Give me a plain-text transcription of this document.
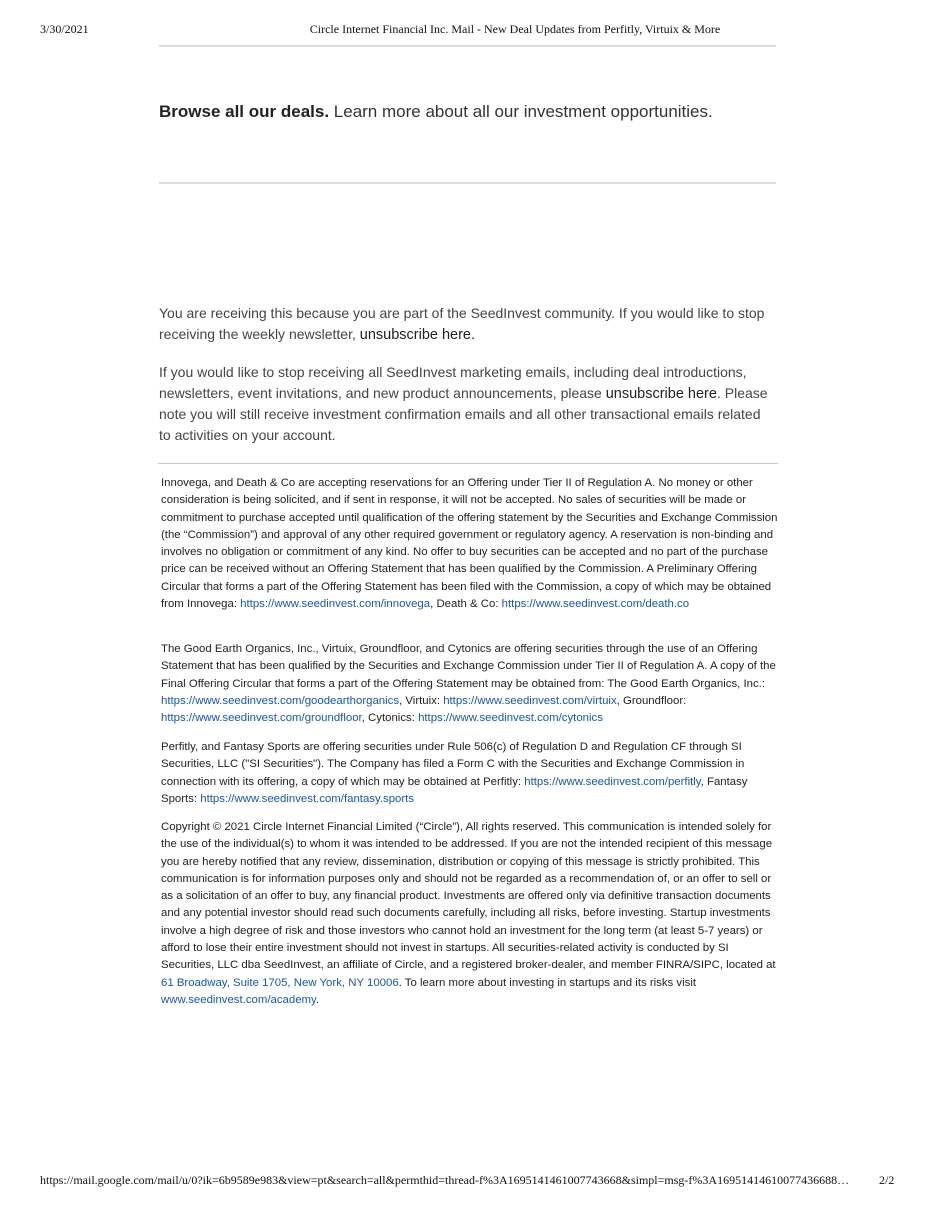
3/30/2021	Circle Internet Financial Inc. Mail - New Deal Updates from Perfitly, Virtuix & More
Browse all our deals. Learn more about all our investment opportunities.

You are receiving this because you are part of the SeedInvest community. If you would like to stop receiving the weekly newsletter, unsubscribe here.

If you would like to stop receiving all SeedInvest marketing emails, including deal introductions, newsletters, event invitations, and new product announcements, please unsubscribe here. Please note you will still receive investment confirmation emails and all other transactional emails related to activities on your account.

Innovega, and Death & Co are accepting reservations for an Offering under Tier II of Regulation A. No money or other consideration is being solicited, and if sent in response, it will not be accepted. No sales of securities will be made or commitment to purchase accepted until qualification of the offering statement by the Securities and Exchange Commission (the “Commission”) and approval of any other required government or regulatory agency. A reservation is non-binding and involves no obligation or commitment of any kind. No offer to buy securities can be accepted and no part of the purchase price can be received without an Offering Statement that has been qualified by the Commission. A Preliminary Offering Circular that forms a part of the Offering Statement has been filed with the Commission, a copy of which may be obtained from Innovega: https://www.seedinvest.com/innovega, Death & Co: https://www.seedinvest.com/death.co

The Good Earth Organics, Inc., Virtuix, Groundfloor, and Cytonics are offering securities through the use of an Offering Statement that has been qualified by the Securities and Exchange Commission under Tier II of Regulation A. A copy of the Final Offering Circular that forms a part of the Offering Statement may be obtained from: The Good Earth Organics, Inc.: https://www.seedinvest.com/goodearthorganics, Virtuix: https://www.seedinvest.com/virtuix, Groundfloor: https://www.seedinvest.com/groundfloor, Cytonics: https://www.seedinvest.com/cytonics

Perfitly, and Fantasy Sports are offering securities under Rule 506(c) of Regulation D and Regulation CF through SI Securities, LLC ("SI Securities"). The Company has filed a Form C with the Securities and Exchange Commission in connection with its offering, a copy of which may be obtained at Perfitly: https://www.seedinvest.com/perfitly, Fantasy Sports: https://www.seedinvest.com/fantasy.sports

Copyright © 2021 Circle Internet Financial Limited (“Circle”), All rights reserved. This communication is intended solely for the use of the individual(s) to whom it was intended to be addressed. If you are not the intended recipient of this message you are hereby notified that any review, dissemination, distribution or copying of this message is strictly prohibited. This communication is for information purposes only and should not be regarded as a recommendation of, or an offer to sell or as a solicitation of an offer to buy, any financial product. Investments are offered only via definitive transaction documents and any potential investor should read such documents carefully, including all risks, before investing. Startup investments involve a high degree of risk and those investors who cannot hold an investment for the long term (at least 5-7 years) or afford to lose their entire investment should not invest in startups. All securities-related activity is conducted by SI Securities, LLC dba SeedInvest, an affiliate of Circle, and a registered broker-dealer, and member FINRA/SIPC, located at 61 Broadway, Suite 1705, New York, NY 10006. To learn more about investing in startups and its risks visit www.seedinvest.com/academy.

https://mail.google.com/mail/u/0?ik=6b9589e983&view=pt&search=all&permthid=thread-f%3A1695141461007743668&simpl=msg-f%3A16951414610077436688…	2/2
